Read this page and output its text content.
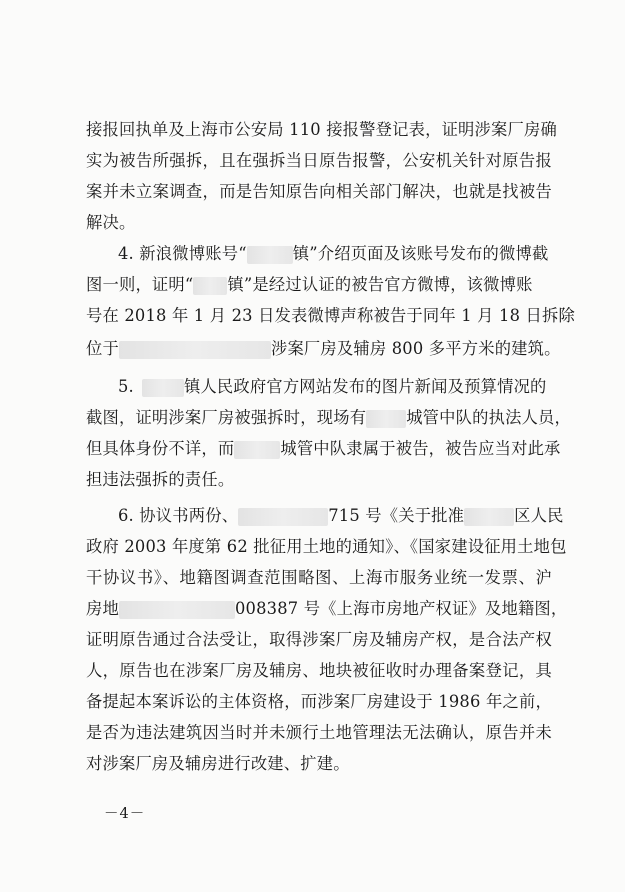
接报回执单及上海市公安局 110 接报警登记表，证明涉案厂房确
实为被告所强拆，且在强拆当日原告报警，公安机关针对原告报
案并未立案调查，而是告知原告向相关部门解决，也就是找被告
解决。
4. 新浪微博账号“	镇”介绍页面及该账号发布的微博截
图一则，证明“ 镇”是经过认证的被告官方微博，该微博账
号在 2018 年 1 月 23 日发表微博声称被告于同年 1 月 18 日拆除
位于	涉案厂房及辅房 800 多平方米的建筑。
5.	镇人民政府官方网站发布的图片新闻及预算情况的
截图，证明涉案厂房被强拆时，现场有 城管中队的执法人员，
但具体身份不详，而	城管中队隶属于被告，被告应当对此承
担违法强拆的责任。
6. 协议书两份、	715 号《关于批准	区人民
政府 2003 年度第 62 批征用土地的通知》、《国家建设征用土地包
干协议书》、地籍图调查范围略图、上海市服务业统一发票、沪
房地	008387 号《上海市房地产权证》及地籍图，
证明原告通过合法受让，取得涉案厂房及辅房产权，是合法产权
人，原告也在涉案厂房及辅房、地块被征收时办理备案登记，具
备提起本案诉讼的主体资格，而涉案厂房建设于 1986 年之前，
是否为违法建筑因当时并未颁行土地管理法无法确认，原告并未
对涉案厂房及辅房进行改建、扩建。
－4－
